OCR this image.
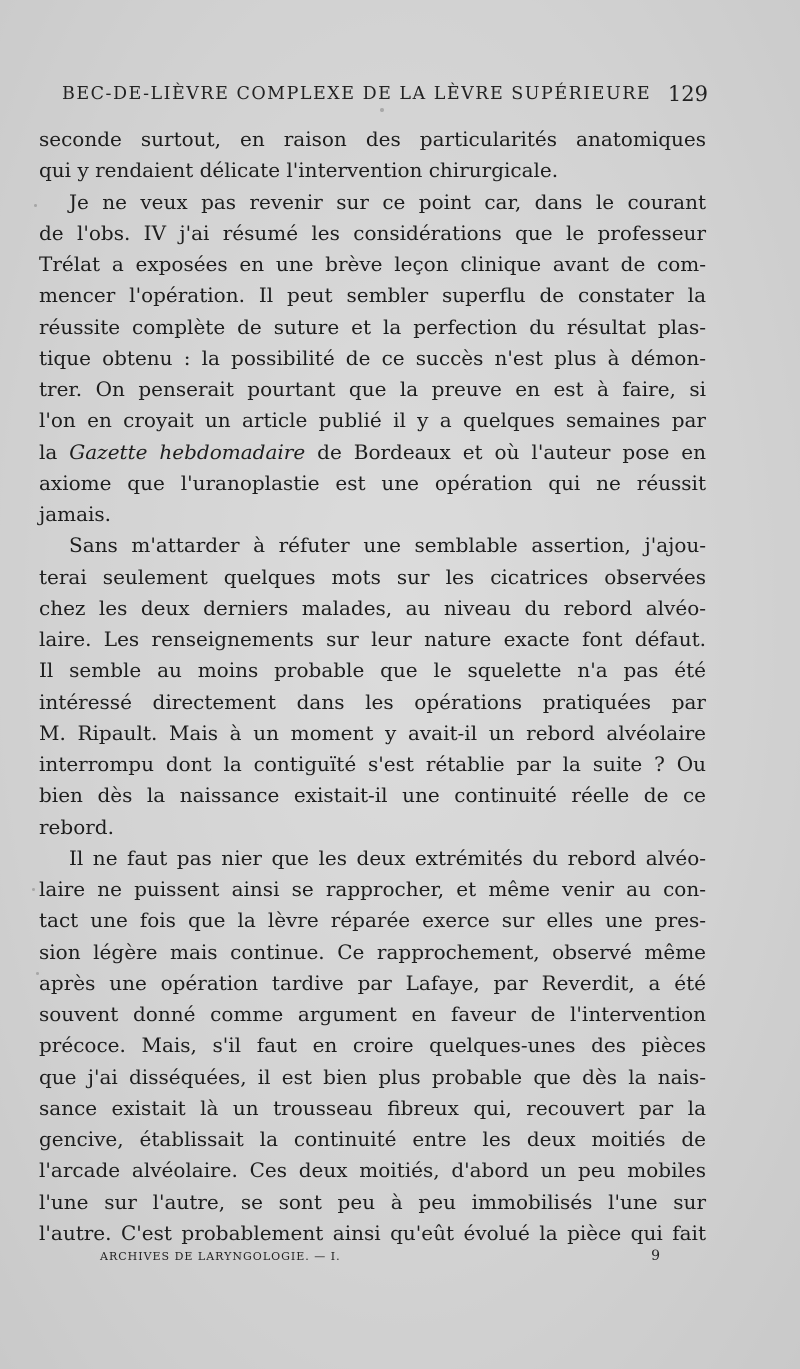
BEC-DE-LIÈVRE COMPLEXE DE LA LÈVRE SUPÉRIEURE 129
seconde surtout, en raison des particularités anatomiques
qui y rendaient délicate l'intervention chirurgicale.
Je ne veux pas revenir sur ce point car, dans le courant
de l'obs. IV j'ai résumé les considérations que le professeur
Trélat a exposées en une brève leçon clinique avant de com-
mencer l'opération. Il peut sembler superflu de constater la
réussite complète de suture et la perfection du résultat plas-
tique obtenu : la possibilité de ce succès n'est plus à démon-
trer. On penserait pourtant que la preuve en est à faire, si
l'on en croyait un article publié il y a quelques semaines par
la Gazette hebdomadaire de Bordeaux et où l'auteur pose en
axiome que l'uranoplastie est une opération qui ne réussit
jamais.
Sans m'attarder à réfuter une semblable assertion, j'ajou-
terai seulement quelques mots sur les cicatrices observées
chez les deux derniers malades, au niveau du rebord alvéo-
laire. Les renseignements sur leur nature exacte font défaut.
Il semble au moins probable que le squelette n'a pas été
intéressé directement dans les opérations pratiquées par
M. Ripault. Mais à un moment y avait-il un rebord alvéolaire
interrompu dont la contiguïté s'est rétablie par la suite ? Ou
bien dès la naissance existait-il une continuité réelle de ce
rebord.
Il ne faut pas nier que les deux extrémités du rebord alvéo-
laire ne puissent ainsi se rapprocher, et même venir au con-
tact une fois que la lèvre réparée exerce sur elles une pres-
sion légère mais continue. Ce rapprochement, observé même
après une opération tardive par Lafaye, par Reverdit, a été
souvent donné comme argument en faveur de l'intervention
précoce. Mais, s'il faut en croire quelques-unes des pièces
que j'ai disséquées, il est bien plus probable que dès la nais-
sance existait là un trousseau fibreux qui, recouvert par la
gencive, établissait la continuité entre les deux moitiés de
l'arcade alvéolaire. Ces deux moitiés, d'abord un peu mobiles
l'une sur l'autre, se sont peu à peu immobilisés l'une sur
l'autre. C'est probablement ainsi qu'eût évolué la pièce qui fait
ARCHIVES DE LARYNGOLOGIE. — I.	9
